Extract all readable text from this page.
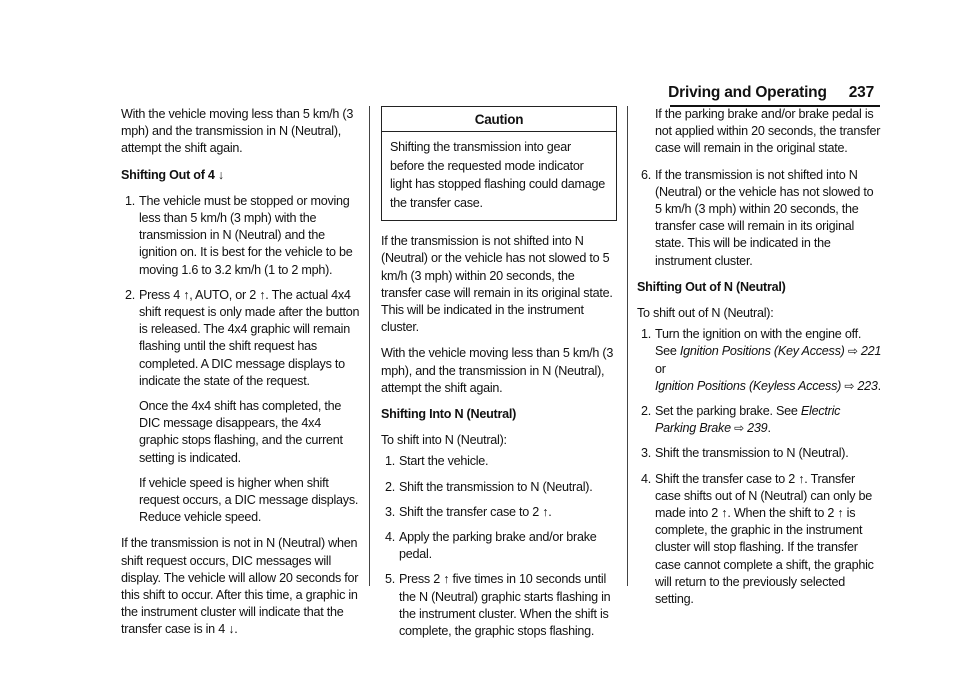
Driving and Operating 237

With the vehicle moving less than 5 km/h (3 mph) and the transmission in N (Neutral), attempt the shift again.

Shifting Out of 4 ↓

1. The vehicle must be stopped or moving less than 5 km/h (3 mph) with the transmission in N (Neutral) and the ignition on. It is best for the vehicle to be moving 1.6 to 3.2 km/h (1 to 2 mph).
2. Press 4 ↑, AUTO, or 2 ↑. The actual 4x4 shift request is only made after the button is released. The 4x4 graphic will remain flashing until the shift request has completed. A DIC message displays to indicate the state of the request.

Once the 4x4 shift has completed, the DIC message disappears, the 4x4 graphic stops flashing, and the current setting is indicated.

If vehicle speed is higher when shift request occurs, a DIC message displays. Reduce vehicle speed.

If the transmission is not in N (Neutral) when shift request occurs, DIC messages will display. The vehicle will allow 20 seconds for this shift to occur. After this time, a graphic in the instrument cluster will indicate that the transfer case is in 4 ↓.

Caution
Shifting the transmission into gear before the requested mode indicator light has stopped flashing could damage the transfer case.

If the transmission is not shifted into N (Neutral) or the vehicle has not slowed to 5 km/h (3 mph) within 20 seconds, the transfer case will remain in its original state. This will be indicated in the instrument cluster.

With the vehicle moving less than 5 km/h (3 mph), and the transmission in N (Neutral), attempt the shift again.

Shifting Into N (Neutral)

To shift into N (Neutral):

1. Start the vehicle.
2. Shift the transmission to N (Neutral).
3. Shift the transfer case to 2 ↑.
4. Apply the parking brake and/or brake pedal.
5. Press 2 ↑ five times in 10 seconds until the N (Neutral) graphic starts flashing in the instrument cluster. When the shift is complete, the graphic stops flashing.

If the parking brake and/or brake pedal is not applied within 20 seconds, the transfer case will remain in the original state.

6. If the transmission is not shifted into N (Neutral) or the vehicle has not slowed to 5 km/h (3 mph) within 20 seconds, the transfer case will remain in its original state. This will be indicated in the instrument cluster.

Shifting Out of N (Neutral)

To shift out of N (Neutral):

1. Turn the ignition on with the engine off. See Ignition Positions (Key Access) ⇨ 221
or
Ignition Positions (Keyless Access) ⇨ 223.
2. Set the parking brake. See Electric Parking Brake ⇨ 239.
3. Shift the transmission to N (Neutral).
4. Shift the transfer case to 2 ↑. Transfer case shifts out of N (Neutral) can only be made into 2 ↑. When the shift to 2 ↑ is complete, the graphic in the instrument cluster will stop flashing. If the transfer case cannot complete a shift, the graphic will return to the previously selected setting.
